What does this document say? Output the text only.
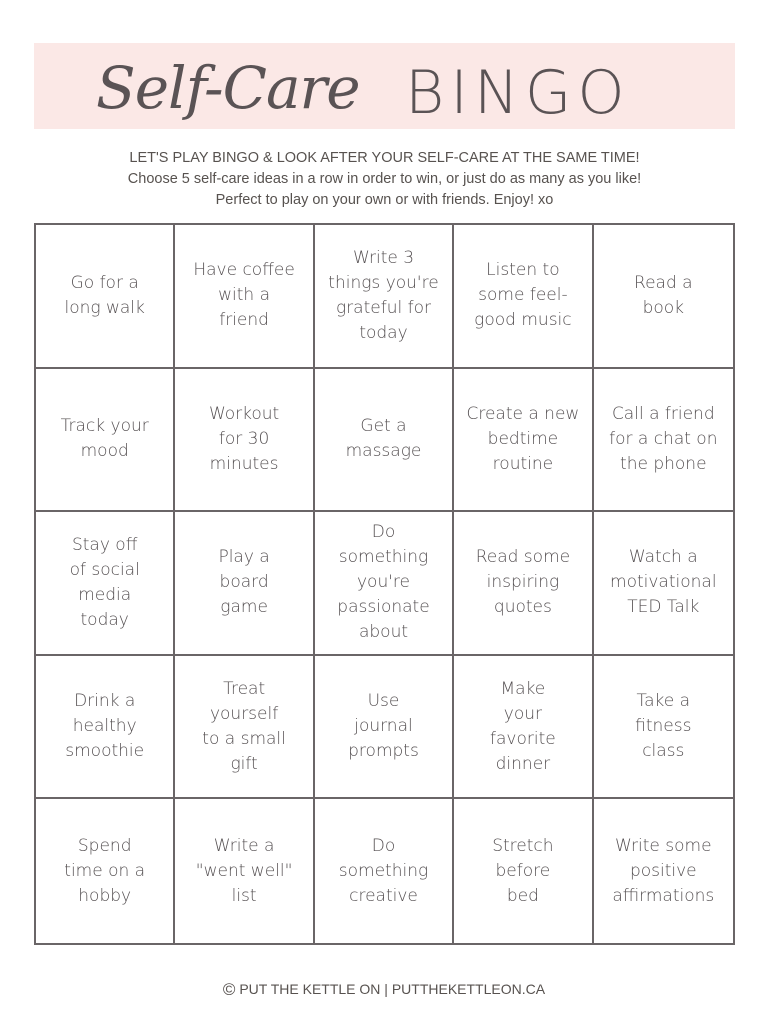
Self-Care BINGO
LET'S PLAY BINGO & LOOK AFTER YOUR SELF-CARE AT THE SAME TIME!
Choose 5 self-care ideas in a row in order to win, or just do as many as you like!
Perfect to play on your own or with friends. Enjoy! xo
Go for a
long walk
Have coffee
with a
friend
Write 3
things you're
grateful for
today
Listen to
some feel-
good music
Read a
book
Track your
mood
Workout
for 30
minutes
Get a
massage
Create a new
bedtime
routine
Call a friend
for a chat on
the phone
Stay off
of social
media
today
Play a
board
game
Do
something
you're
passionate
about
Read some
inspiring
quotes
Watch a
motivational
TED Talk
Drink a
healthy
smoothie
Treat
yourself
to a small
gift
Use
journal
prompts
Make
your
favorite
dinner
Take a
fitness
class
Spend
time on a
hobby
Write a
"went well"
list
Do
something
creative
Stretch
before
bed
Write some
positive
affirmations
© PUT THE KETTLE ON | PUTTHEKETTLEON.CA
